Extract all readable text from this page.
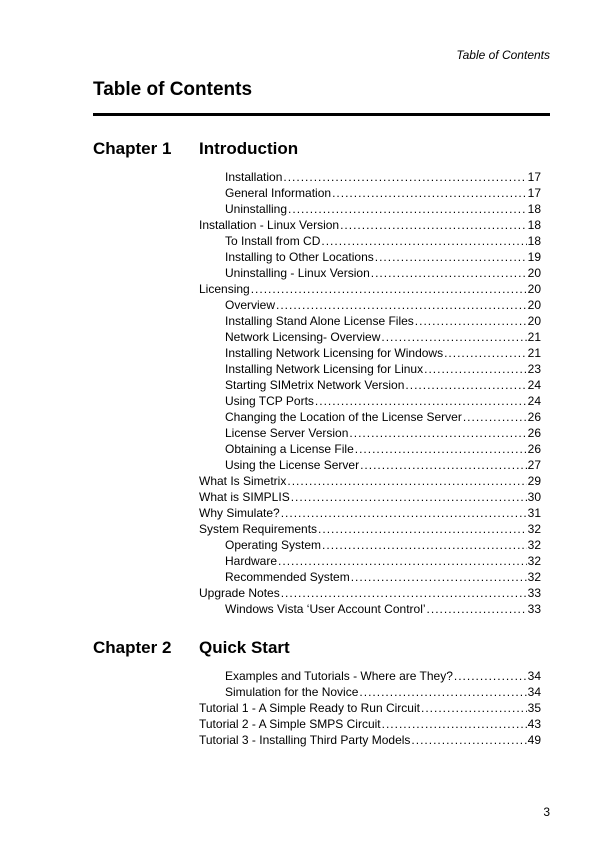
Table of Contents
Table of Contents
Chapter 1 Introduction
Installation .....	17
General Information .....	17
Uninstalling .....	18
Installation - Linux Version .....	18
To Install from CD .....	18
Installing to Other Locations .....	19
Uninstalling - Linux Version .....	20
Licensing .....	20
Overview .....	20
Installing Stand Alone License Files .....	20
Network Licensing- Overview .....	21
Installing Network Licensing for Windows .....	21
Installing Network Licensing for Linux .....	23
Starting SIMetrix Network Version .....	24
Using TCP Ports .....	24
Changing the Location of the License Server .....	26
License Server Version .....	26
Obtaining a License File .....	26
Using the License Server .....	27
What Is Simetrix .....	29
What is SIMPLIS .....	30
Why Simulate? .....	31
System Requirements .....	32
Operating System .....	32
Hardware .....	32
Recommended System .....	32
Upgrade Notes .....	33
Windows Vista ‘User Account Control’ .....	33
Chapter 2 Quick Start
Examples and Tutorials - Where are They? .....	34
Simulation for the Novice .....	34
Tutorial 1 - A Simple Ready to Run Circuit .....	35
Tutorial 2 - A Simple SMPS Circuit .....	43
Tutorial 3 - Installing Third Party Models .....	49
3
